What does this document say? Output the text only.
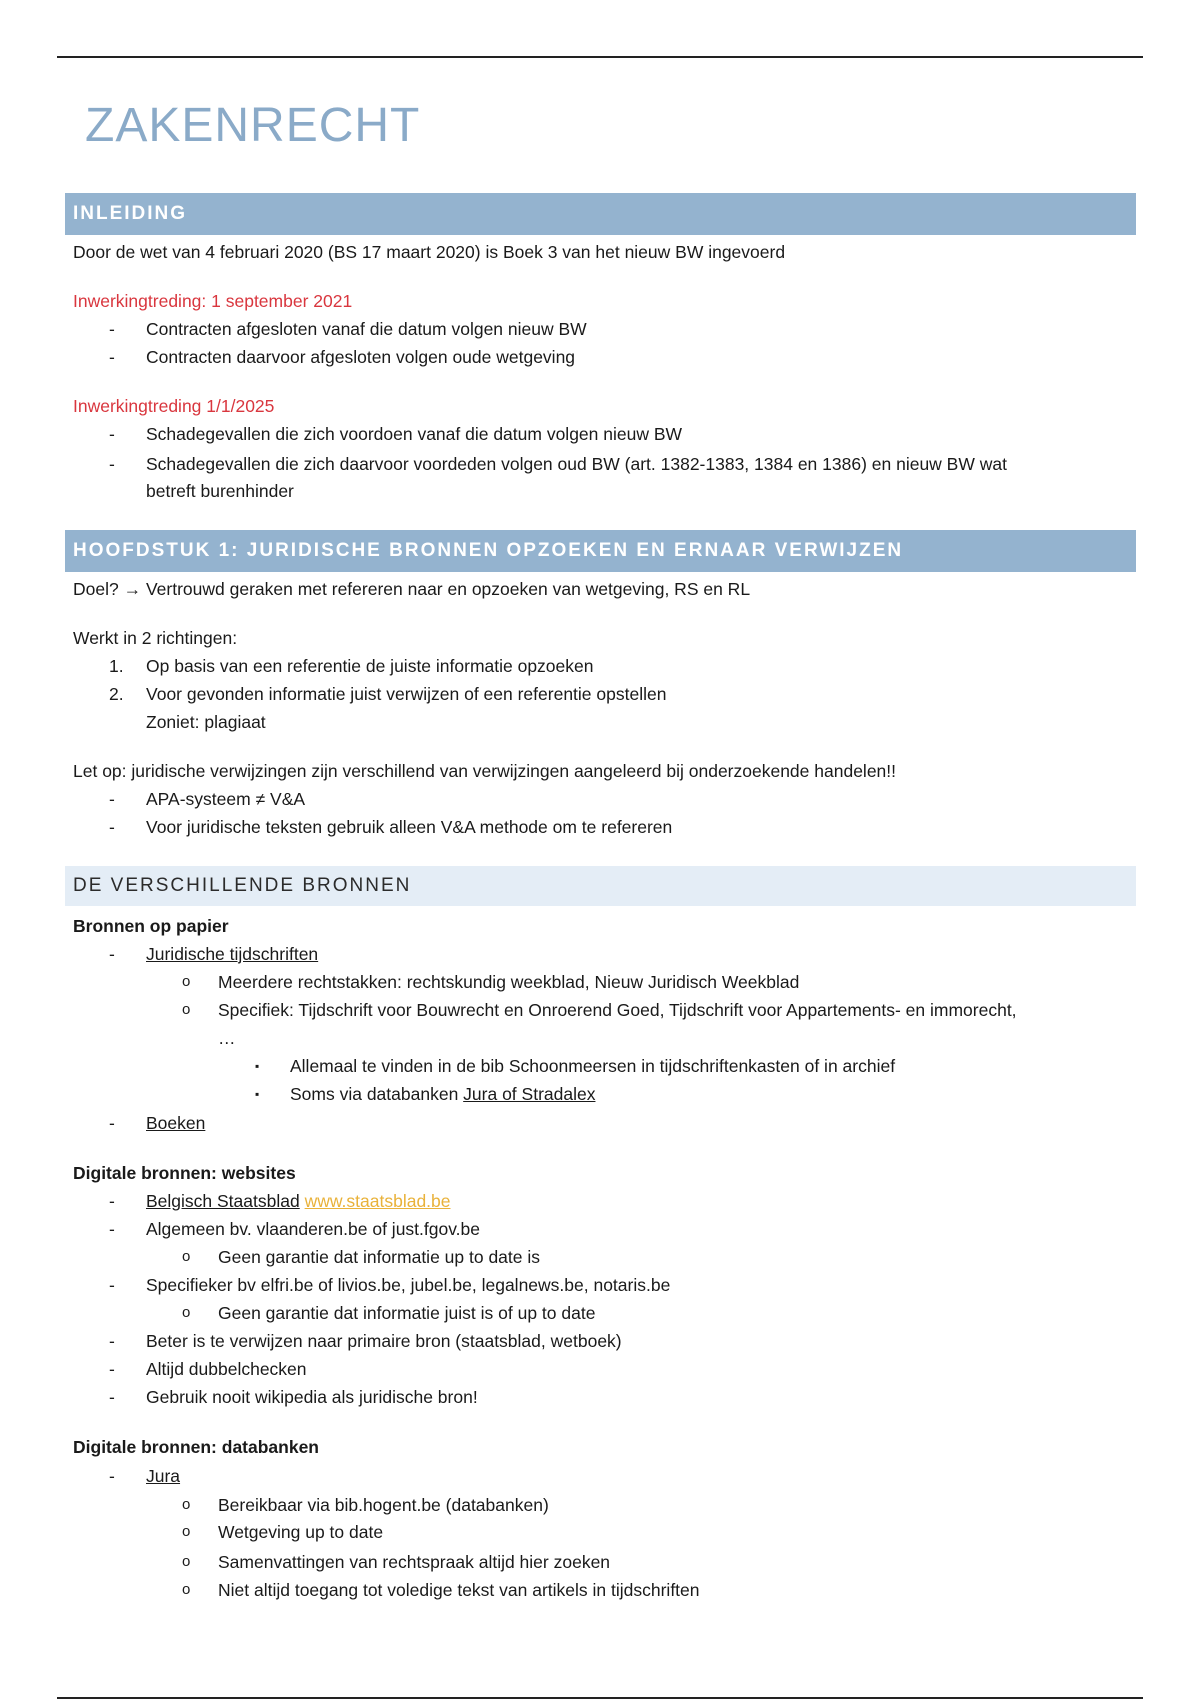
ZAKENRECHT
INLEIDING
Door de wet van 4 februari 2020 (BS 17 maart 2020) is Boek 3 van het nieuw BW ingevoerd
Inwerkingtreding: 1 september 2021
- Contracten afgesloten vanaf die datum volgen nieuw BW
- Contracten daarvoor afgesloten volgen oude wetgeving
Inwerkingtreding 1/1/2025
- Schadegevallen die zich voordoen vanaf die datum volgen nieuw BW
- Schadegevallen die zich daarvoor voordeden volgen oud BW (art. 1382-1383, 1384 en 1386) en nieuw BW wat
betreft burenhinder
HOOFDSTUK 1: JURIDISCHE BRONNEN OPZOEKEN EN ERNAAR VERWIJZEN
Doel? → Vertrouwd geraken met refereren naar en opzoeken van wetgeving, RS en RL
Werkt in 2 richtingen:
1. Op basis van een referentie de juiste informatie opzoeken
2. Voor gevonden informatie juist verwijzen of een referentie opstellen
Zoniet: plagiaat
Let op: juridische verwijzingen zijn verschillend van verwijzingen aangeleerd bij onderzoekende handelen!!
- APA-systeem ≠ V&A
- Voor juridische teksten gebruik alleen V&A methode om te refereren
DE VERSCHILLENDE BRONNEN
Bronnen op papier
- Juridische tijdschriften
o Meerdere rechtstakken: rechtskundig weekblad, Nieuw Juridisch Weekblad
o Specifiek: Tijdschrift voor Bouwrecht en Onroerend Goed, Tijdschrift voor Appartements- en immorecht,
…
▪ Allemaal te vinden in de bib Schoonmeersen in tijdschriftenkasten of in archief
▪ Soms via databanken Jura of Stradalex
- Boeken
Digitale bronnen: websites
- Belgisch Staatsblad www.staatsblad.be
- Algemeen bv. vlaanderen.be of just.fgov.be
o Geen garantie dat informatie up to date is
- Specifieker bv elfri.be of livios.be, jubel.be, legalnews.be, notaris.be
o Geen garantie dat informatie juist is of up to date
- Beter is te verwijzen naar primaire bron (staatsblad, wetboek)
- Altijd dubbelchecken
- Gebruik nooit wikipedia als juridische bron!
Digitale bronnen: databanken
- Jura
o Bereikbaar via bib.hogent.be (databanken)
o Wetgeving up to date
o Samenvattingen van rechtspraak altijd hier zoeken
o Niet altijd toegang tot voledige tekst van artikels in tijdschriften
